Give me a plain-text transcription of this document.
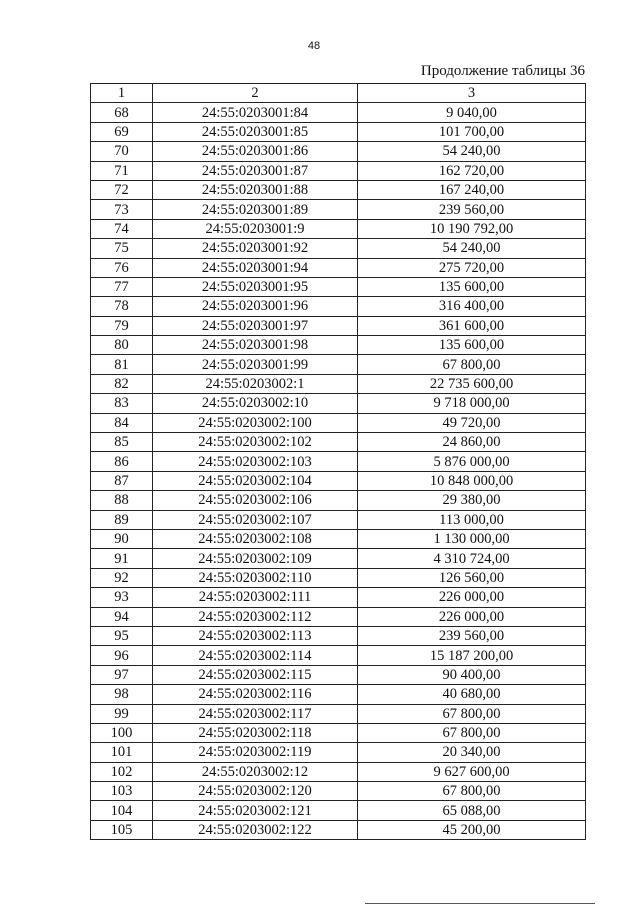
48
Продолжение таблицы 36
1	2	3
68	24:55:0203001:84	9 040,00
69	24:55:0203001:85	101 700,00
70	24:55:0203001:86	54 240,00
71	24:55:0203001:87	162 720,00
72	24:55:0203001:88	167 240,00
73	24:55:0203001:89	239 560,00
74	24:55:0203001:9	10 190 792,00
75	24:55:0203001:92	54 240,00
76	24:55:0203001:94	275 720,00
77	24:55:0203001:95	135 600,00
78	24:55:0203001:96	316 400,00
79	24:55:0203001:97	361 600,00
80	24:55:0203001:98	135 600,00
81	24:55:0203001:99	67 800,00
82	24:55:0203002:1	22 735 600,00
83	24:55:0203002:10	9 718 000,00
84	24:55:0203002:100	49 720,00
85	24:55:0203002:102	24 860,00
86	24:55:0203002:103	5 876 000,00
87	24:55:0203002:104	10 848 000,00
88	24:55:0203002:106	29 380,00
89	24:55:0203002:107	113 000,00
90	24:55:0203002:108	1 130 000,00
91	24:55:0203002:109	4 310 724,00
92	24:55:0203002:110	126 560,00
93	24:55:0203002:111	226 000,00
94	24:55:0203002:112	226 000,00
95	24:55:0203002:113	239 560,00
96	24:55:0203002:114	15 187 200,00
97	24:55:0203002:115	90 400,00
98	24:55:0203002:116	40 680,00
99	24:55:0203002:117	67 800,00
100	24:55:0203002:118	67 800,00
101	24:55:0203002:119	20 340,00
102	24:55:0203002:12	9 627 600,00
103	24:55:0203002:120	67 800,00
104	24:55:0203002:121	65 088,00
105	24:55:0203002:122	45 200,00
